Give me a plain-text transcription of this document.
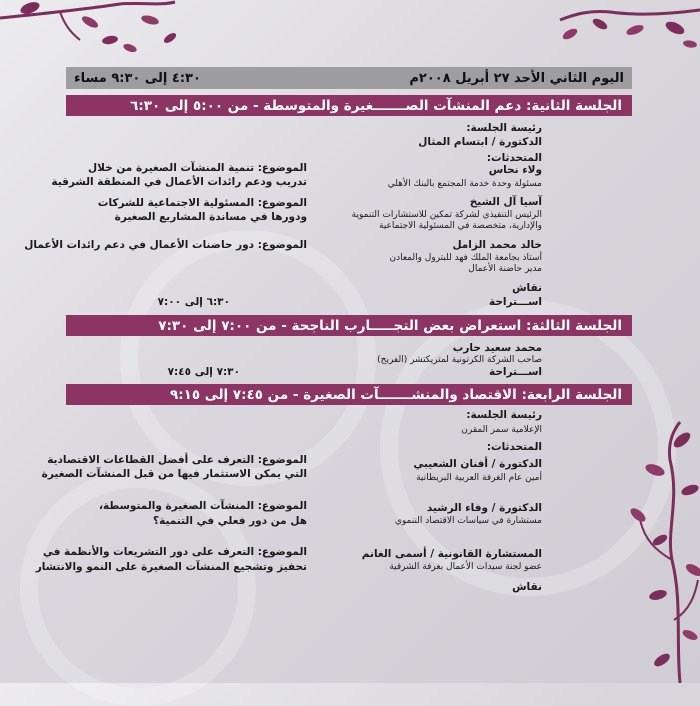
اليوم الثاني الأحد ٢٧ أبريل ٢٠٠٨م
٤:٣٠ إلى ٩:٣٠ مساء
الجلسة الثانية: دعم المنشآت الصـــــــغيرة والمتوسطة - من ٥:٠٠ إلى ٦:٣٠
رئيسة الجلسة:
الدكتورة / ابتسام المثال
المتحدثات:
ولاء نحاس
مسئولة وحدة خدمة المجتمع بالبنك الأهلي
الموضوع: تنمية المنشآت الصغيرة من خلال
تدريب ودعم رائدات الأعمال في المنطقة الشرقية
آسيا آل الشيخ
الرئيس التنفيذي لشركة تمكين للاستشارات التنموية
والإدارية، متخصصة في المسئولية الاجتماعية
الموضوع: المسئولية الاجتماعية للشركات
ودورها في مساندة المشاريع الصغيرة
خالد محمد الزامل
أستاذ بجامعة الملك فهد للبترول والمعادن
مدير حاضنة الأعمال
الموضوع: دور حاضنات الأعمال في دعم رائدات الأعمال
نقاش
اســـتراحة
٦:٣٠ إلى ٧:٠٠
الجلسة الثالثة: استعراض بعض التجـــــارب الناجحة - من ٧:٠٠ إلى ٧:٣٠
محمد سعيد حارب
صاحب الشركة الكرتونية لمتريكتشر (الفريج)
اســـتراحة
٧:٣٠ إلى ٧:٤٥
الجلسة الرابعة: الاقتصاد والمنشـــــــآت الصغيرة - من ٧:٤٥ إلى ٩:١٥
رئيسة الجلسة:
الإعلامية سمر المقرن
المتحدثات:
الدكتورة / أفنان الشعيبي
أمين عام الغرفة العربية البريطانية
الموضوع: التعرف على أفضل القطاعات الاقتصادية
التي يمكن الاستثمار فيها من قبل المنشآت الصغيرة
الدكتورة / وفاء الرشيد
مستشارة في سياسات الاقتصاد التنموي
الموضوع: المنشآت الصغيرة والمتوسطة،
هل من دور فعلي في التنمية؟
المستشارة القانونية / أسمى الغانم
عضو لجنة سيدات الأعمال بغرفة الشرقية
الموضوع: التعرف على دور التشريعات والأنظمة في
تحفيز وتشجيع المنشآت الصغيرة على النمو والانتشار
نقاش
